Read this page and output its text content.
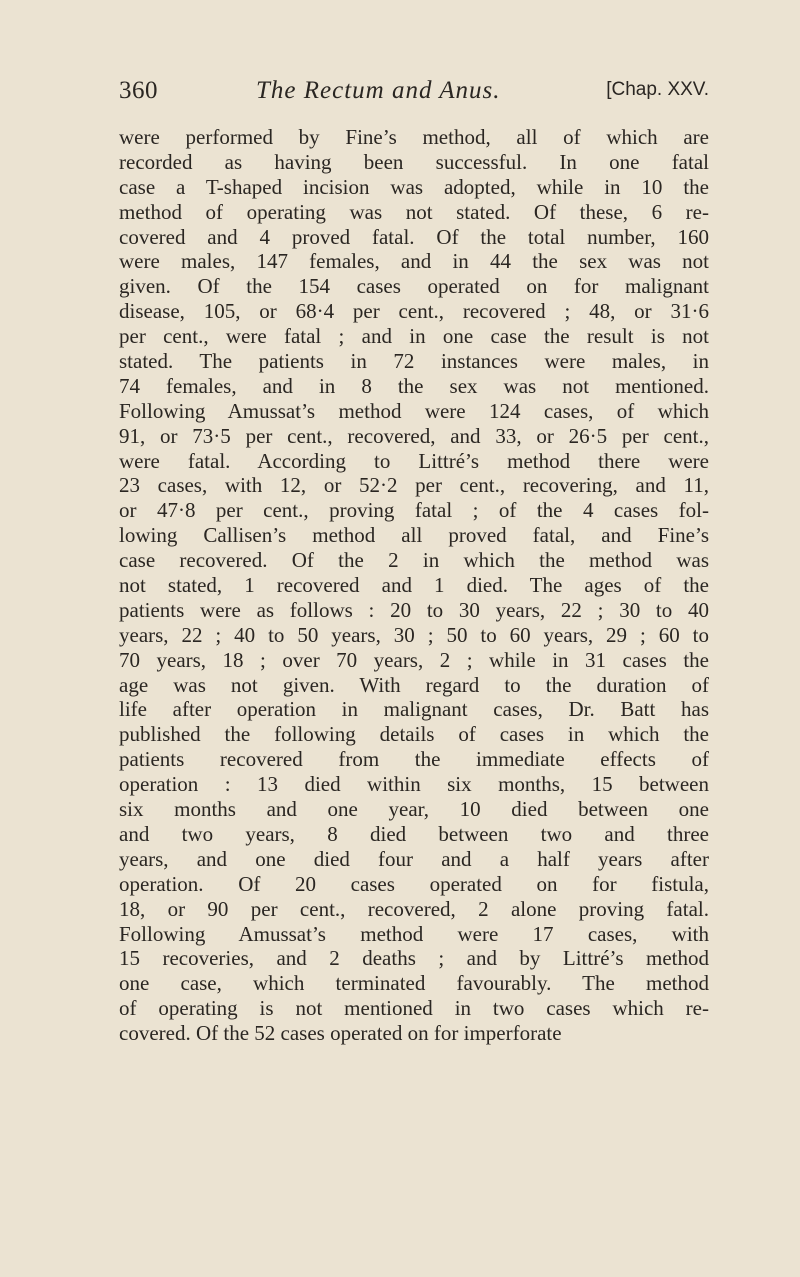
360	The Rectum and Anus.	[Chap. XXV.
were performed by Fine’s method, all of which are
recorded as having been successful. In one fatal
case a T-shaped incision was adopted, while in 10 the
method of operating was not stated. Of these, 6 re-
covered and 4 proved fatal. Of the total number, 160
were males, 147 females, and in 44 the sex was not
given. Of the 154 cases operated on for malignant
disease, 105, or 68·4 per cent., recovered ; 48, or 31·6
per cent., were fatal ; and in one case the result is not
stated. The patients in 72 instances were males, in
74 females, and in 8 the sex was not mentioned.
Following Amussat’s method were 124 cases, of which
91, or 73·5 per cent., recovered, and 33, or 26·5 per cent.,
were fatal. According to Littré’s method there were
23 cases, with 12, or 52·2 per cent., recovering, and 11,
or 47·8 per cent., proving fatal ; of the 4 cases fol-
lowing Callisen’s method all proved fatal, and Fine’s
case recovered. Of the 2 in which the method was
not stated, 1 recovered and 1 died. The ages of the
patients were as follows : 20 to 30 years, 22 ; 30 to 40
years, 22 ; 40 to 50 years, 30 ; 50 to 60 years, 29 ; 60 to
70 years, 18 ; over 70 years, 2 ; while in 31 cases the
age was not given. With regard to the duration of
life after operation in malignant cases, Dr. Batt has
published the following details of cases in which the
patients recovered from the immediate effects of
operation : 13 died within six months, 15 between
six months and one year, 10 died between one
and two years, 8 died between two and three
years, and one died four and a half years after
operation. Of 20 cases operated on for fistula,
18, or 90 per cent., recovered, 2 alone proving fatal.
Following Amussat’s method were 17 cases, with
15 recoveries, and 2 deaths ; and by Littré’s method
one case, which terminated favourably. The method
of operating is not mentioned in two cases which re-
covered. Of the 52 cases operated on for imperforate
